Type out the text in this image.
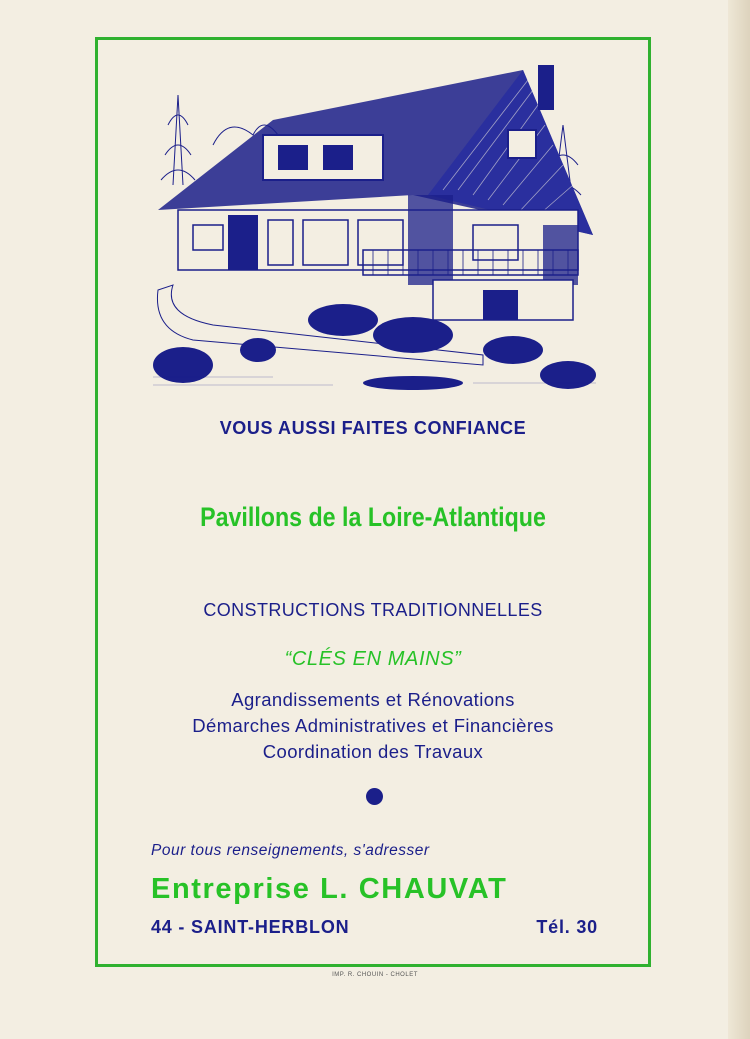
VOUS AUSSI FAITES CONFIANCE
Pavillons de la Loire-Atlantique
CONSTRUCTIONS TRADITIONNELLES
“CLÉS EN MAINS”
Agrandissements et Rénovations
Démarches Administratives et Financières
Coordination des Travaux
Pour tous renseignements, s'adresser
Entreprise L. CHAUVAT
44 - SAINT-HERBLON	Tél. 30
IMP. R. CHOUIN - CHOLET
